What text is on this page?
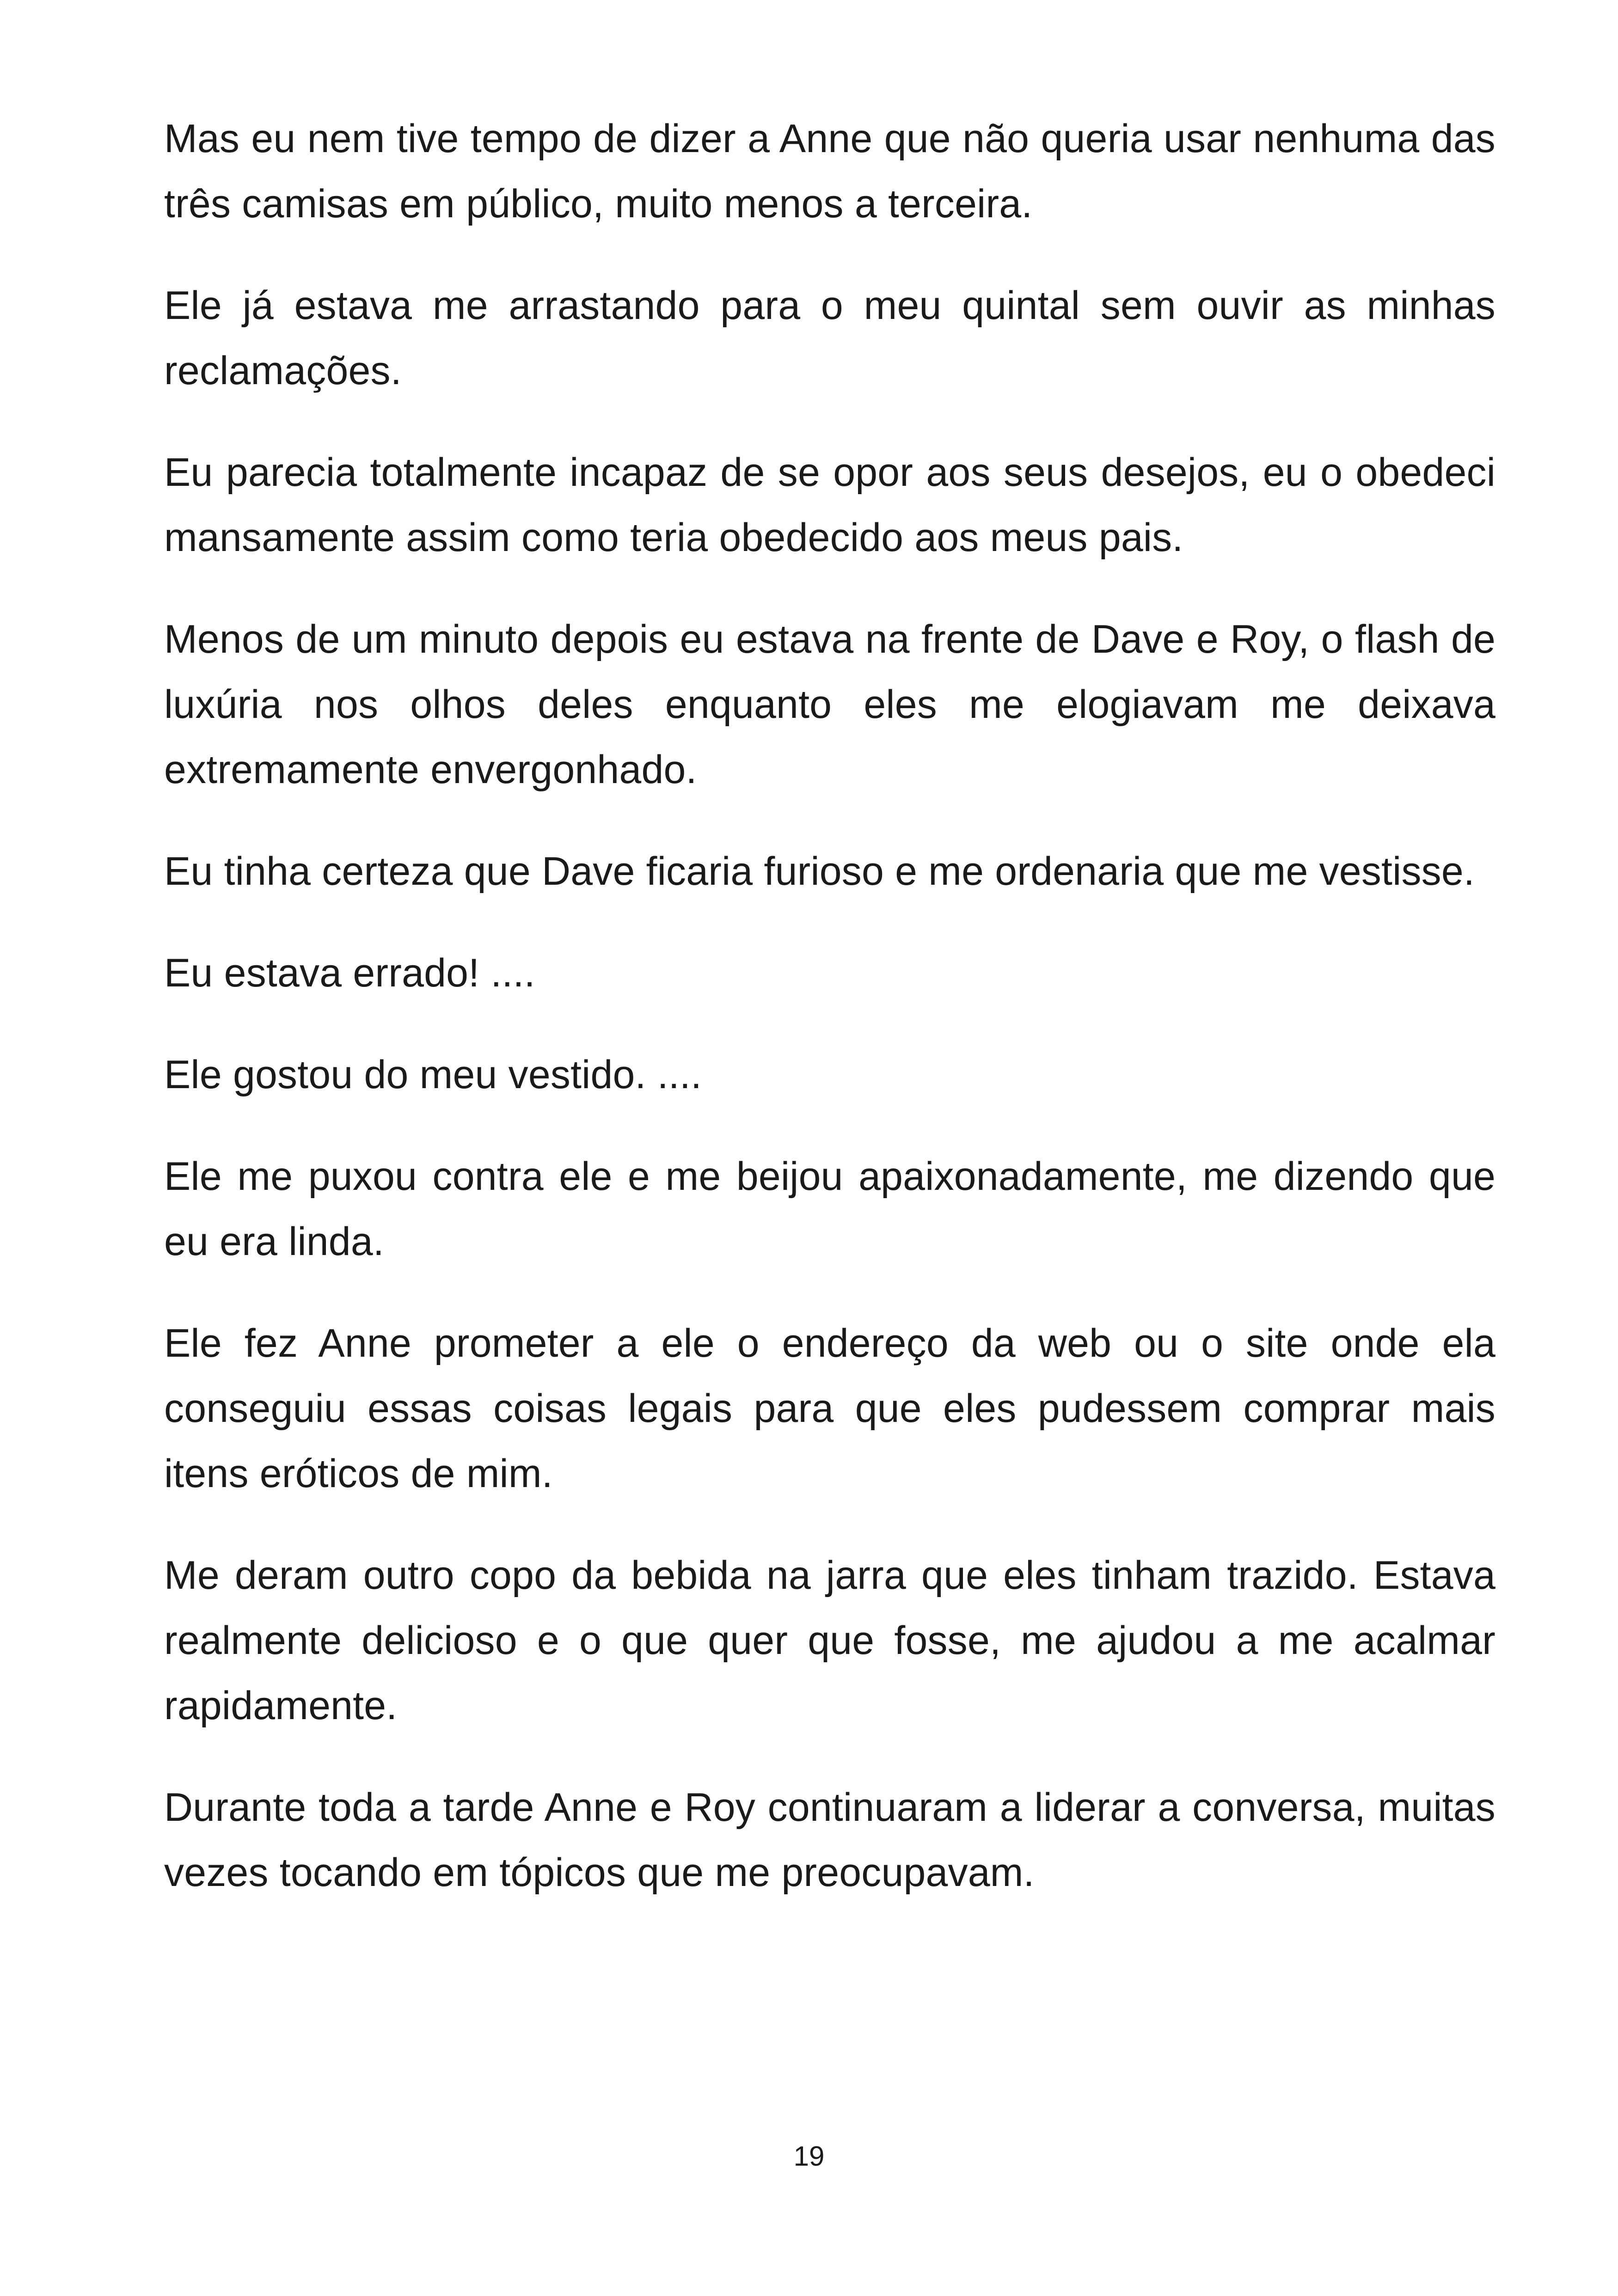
Mas eu nem tive tempo de dizer a Anne que não queria usar nenhuma das três camisas em público, muito menos a terceira.

Ele já estava me arrastando para o meu quintal sem ouvir as minhas reclamações.

Eu parecia totalmente incapaz de se opor aos seus desejos, eu o obedeci mansamente assim como teria obedecido aos meus pais.

Menos de um minuto depois eu estava na frente de Dave e Roy, o flash de luxúria nos olhos deles enquanto eles me elogiavam me deixava extremamente envergonhado.

Eu tinha certeza que Dave ficaria furioso e me ordenaria que me vestisse.

Eu estava errado! ....

Ele gostou do meu vestido. ....

Ele me puxou contra ele e me beijou apaixonadamente, me dizendo que eu era linda.

Ele fez Anne prometer a ele o endereço da web ou o site onde ela conseguiu essas coisas legais para que eles pudessem comprar mais itens eróticos de mim.

Me deram outro copo da bebida na jarra que eles tinham trazido. Estava realmente delicioso e o que quer que fosse, me ajudou a me acalmar rapidamente.

Durante toda a tarde Anne e Roy continuaram a liderar a conversa, muitas vezes tocando em tópicos que me preocupavam.

19
